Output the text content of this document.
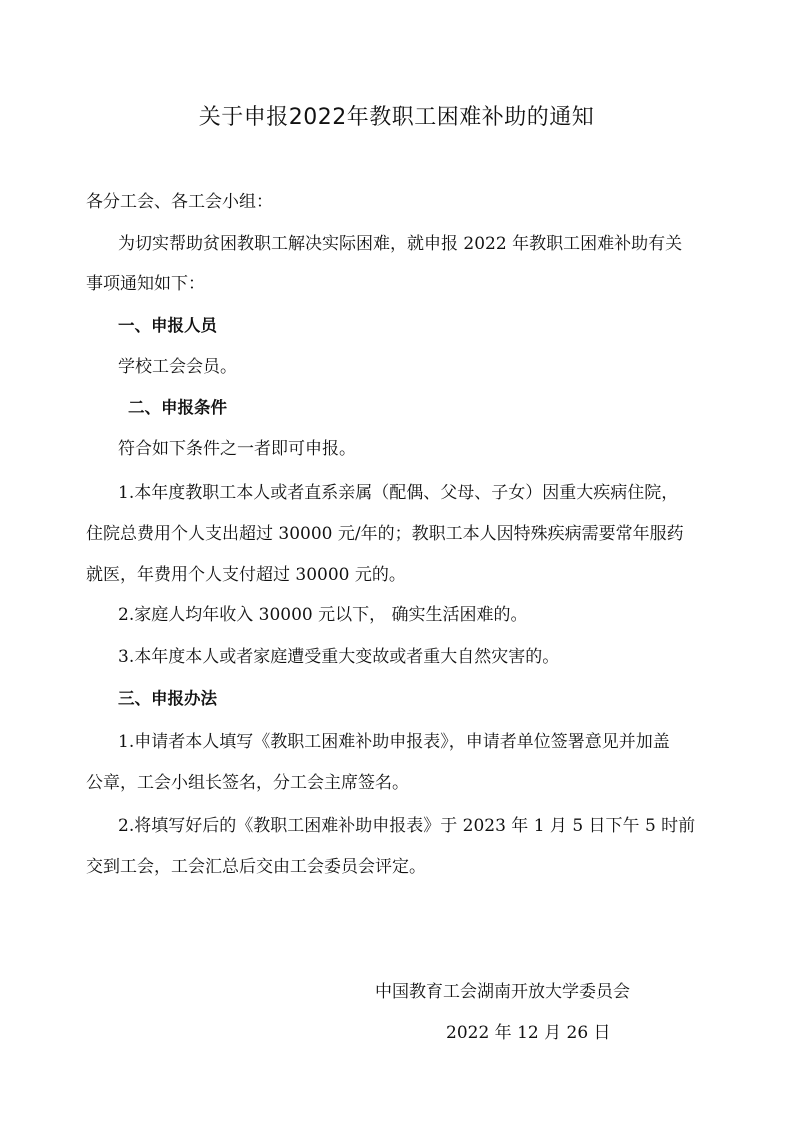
关于申报2022年教职工困难补助的通知
各分工会、各工会小组：
为切实帮助贫困教职工解决实际困难，就申报 2022 年教职工困难补助有关
事项通知如下：
一、申报人员
学校工会会员。
二、申报条件
符合如下条件之一者即可申报。
1.本年度教职工本人或者直系亲属（配偶、父母、子女）因重大疾病住院，
住院总费用个人支出超过 30000 元/年的；教职工本人因特殊疾病需要常年服药
就医，年费用个人支付超过 30000 元的。
2.家庭人均年收入 30000 元以下， 确实生活困难的。
3.本年度本人或者家庭遭受重大变故或者重大自然灾害的。
三、申报办法
1.申请者本人填写《教职工困难补助申报表》，申请者单位签署意见并加盖
公章，工会小组长签名，分工会主席签名。
2.将填写好后的《教职工困难补助申报表》于 2023 年 1 月 5 日下午 5 时前
交到工会，工会汇总后交由工会委员会评定。
中国教育工会湖南开放大学委员会
2022 年 12 月 26 日
